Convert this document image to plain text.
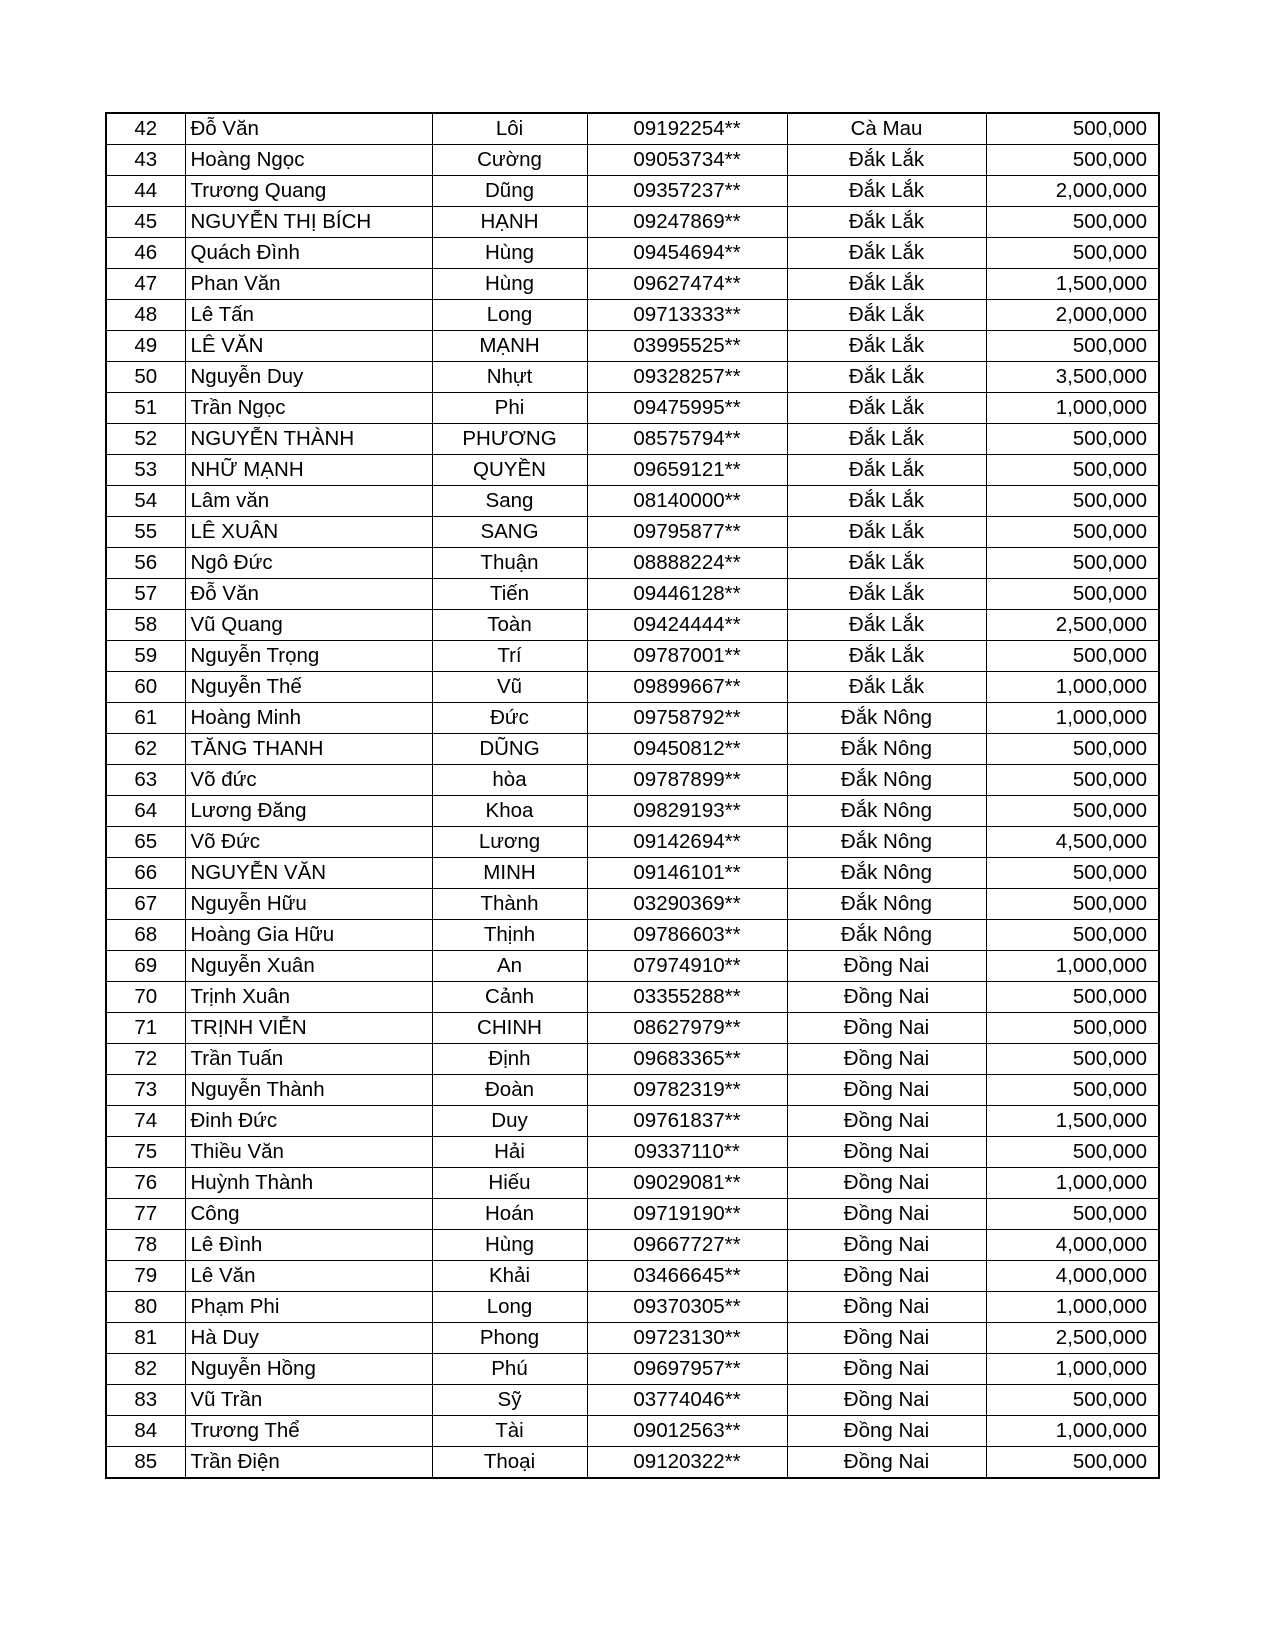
42	Đỗ Văn	Lôi	09192254**	Cà Mau	500,000
43	Hoàng Ngọc	Cường	09053734**	Đắk Lắk	500,000
44	Trương Quang	Dũng	09357237**	Đắk Lắk	2,000,000
45	NGUYỄN THỊ BÍCH	HẠNH	09247869**	Đắk Lắk	500,000
46	Quách Đình	Hùng	09454694**	Đắk Lắk	500,000
47	Phan Văn	Hùng	09627474**	Đắk Lắk	1,500,000
48	Lê Tấn	Long	09713333**	Đắk Lắk	2,000,000
49	LÊ VĂN	MẠNH	03995525**	Đắk Lắk	500,000
50	Nguyễn Duy	Nhựt	09328257**	Đắk Lắk	3,500,000
51	Trần Ngọc	Phi	09475995**	Đắk Lắk	1,000,000
52	NGUYỄN THÀNH	PHƯƠNG	08575794**	Đắk Lắk	500,000
53	NHỮ MẠNH	QUYỀN	09659121**	Đắk Lắk	500,000
54	Lâm văn	Sang	08140000**	Đắk Lắk	500,000
55	LÊ XUÂN	SANG	09795877**	Đắk Lắk	500,000
56	Ngô Đức	Thuận	08888224**	Đắk Lắk	500,000
57	Đỗ Văn	Tiến	09446128**	Đắk Lắk	500,000
58	Vũ Quang	Toàn	09424444**	Đắk Lắk	2,500,000
59	Nguyễn Trọng	Trí	09787001**	Đắk Lắk	500,000
60	Nguyễn Thế	Vũ	09899667**	Đắk Lắk	1,000,000
61	Hoàng Minh	Đức	09758792**	Đắk Nông	1,000,000
62	TĂNG THANH	DŨNG	09450812**	Đắk Nông	500,000
63	Võ đức	hòa	09787899**	Đắk Nông	500,000
64	Lương Đăng	Khoa	09829193**	Đắk Nông	500,000
65	Võ Đức	Lương	09142694**	Đắk Nông	4,500,000
66	NGUYỄN VĂN	MINH	09146101**	Đắk Nông	500,000
67	Nguyễn Hữu	Thành	03290369**	Đắk Nông	500,000
68	Hoàng Gia Hữu	Thịnh	09786603**	Đắk Nông	500,000
69	Nguyễn Xuân	An	07974910**	Đồng Nai	1,000,000
70	Trịnh Xuân	Cảnh	03355288**	Đồng Nai	500,000
71	TRỊNH VIỄN	CHINH	08627979**	Đồng Nai	500,000
72	Trần Tuấn	Định	09683365**	Đồng Nai	500,000
73	Nguyễn Thành	Đoàn	09782319**	Đồng Nai	500,000
74	Đinh Đức	Duy	09761837**	Đồng Nai	1,500,000
75	Thiều Văn	Hải	09337110**	Đồng Nai	500,000
76	Huỳnh Thành	Hiếu	09029081**	Đồng Nai	1,000,000
77	Công	Hoán	09719190**	Đồng Nai	500,000
78	Lê Đình	Hùng	09667727**	Đồng Nai	4,000,000
79	Lê Văn	Khải	03466645**	Đồng Nai	4,000,000
80	Phạm Phi	Long	09370305**	Đồng Nai	1,000,000
81	Hà Duy	Phong	09723130**	Đồng Nai	2,500,000
82	Nguyễn Hồng	Phú	09697957**	Đồng Nai	1,000,000
83	Vũ Trần	Sỹ	03774046**	Đồng Nai	500,000
84	Trương Thể	Tài	09012563**	Đồng Nai	1,000,000
85	Trần Điện	Thoại	09120322**	Đồng Nai	500,000
